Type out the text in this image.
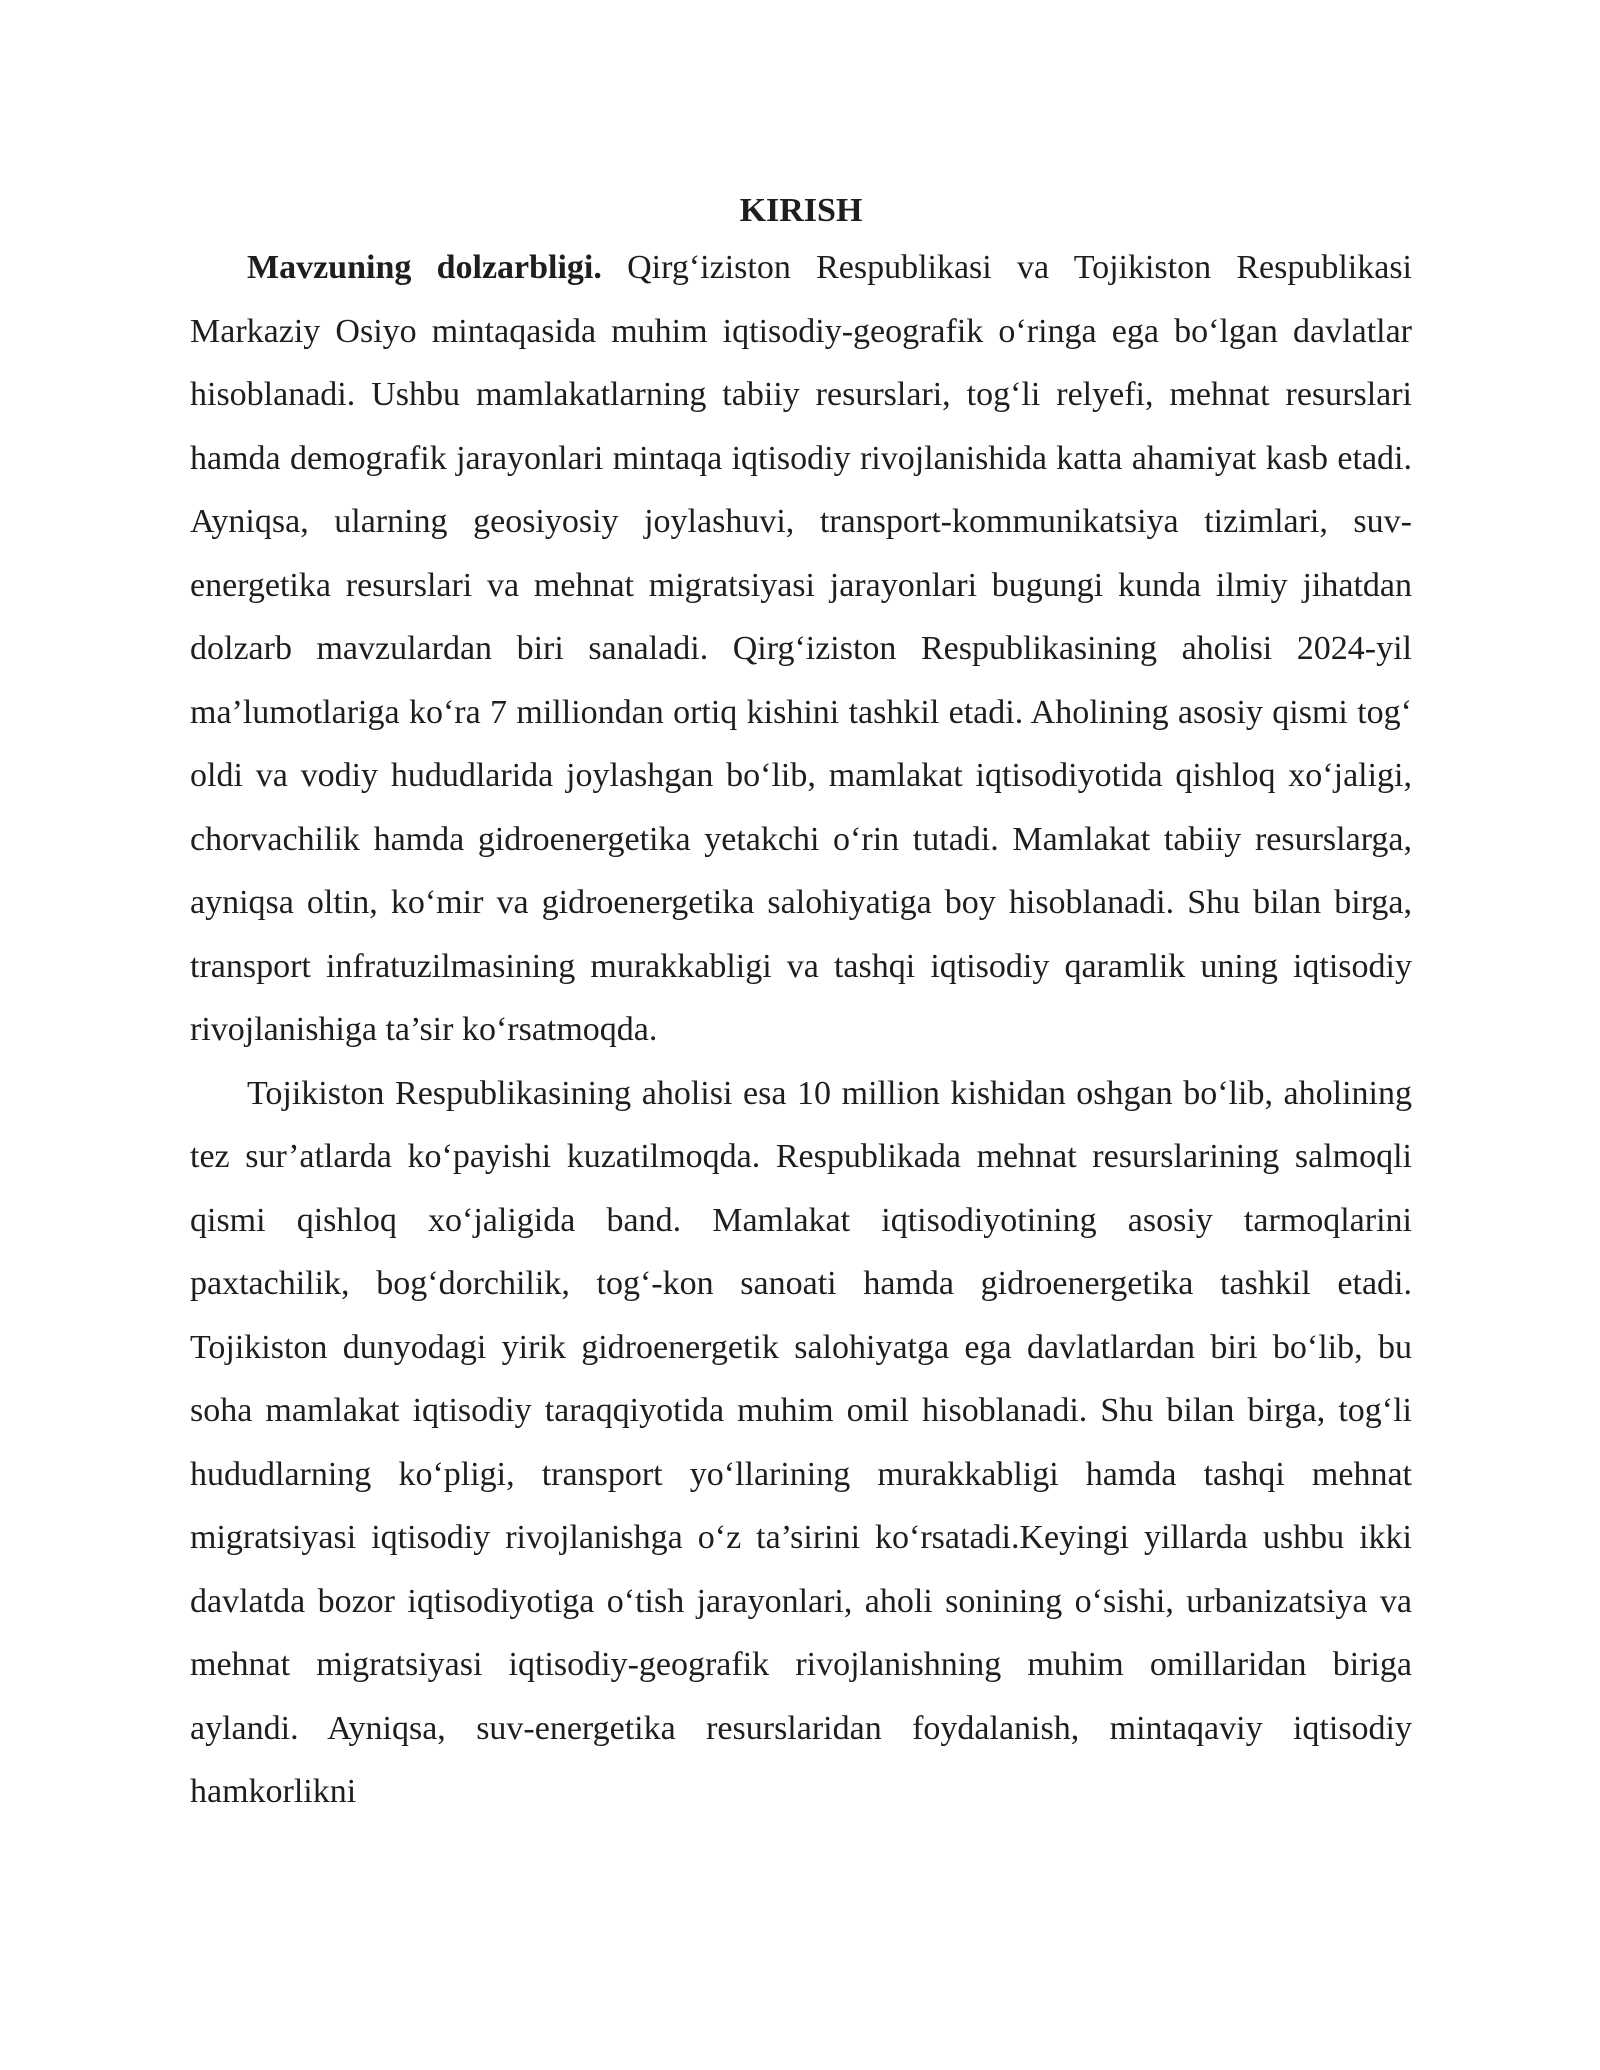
KIRISH

Mavzuning dolzarbligi. Qirg‘iziston Respublikasi va Tojikiston Respublikasi Markaziy Osiyo mintaqasida muhim iqtisodiy-geografik o‘ringa ega bo‘lgan davlatlar hisoblanadi. Ushbu mamlakatlarning tabiiy resurslari, tog‘li relyefi, mehnat resurslari hamda demografik jarayonlari mintaqa iqtisodiy rivojlanishida katta ahamiyat kasb etadi. Ayniqsa, ularning geosiyosiy joylashuvi, transport-kommunikatsiya tizimlari, suv-energetika resurslari va mehnat migratsiyasi jarayonlari bugungi kunda ilmiy jihatdan dolzarb mavzulardan biri sanaladi. Qirg‘iziston Respublikasining aholisi 2024-yil ma’lumotlariga ko‘ra 7 milliondan ortiq kishini tashkil etadi. Aholining asosiy qismi tog‘ oldi va vodiy hududlarida joylashgan bo‘lib, mamlakat iqtisodiyotida qishloq xo‘jaligi, chorvachilik hamda gidroenergetika yetakchi o‘rin tutadi. Mamlakat tabiiy resurslarga, ayniqsa oltin, ko‘mir va gidroenergetika salohiyatiga boy hisoblanadi. Shu bilan birga, transport infratuzilmasining murakkabligi va tashqi iqtisodiy qaramlik uning iqtisodiy rivojlanishiga ta’sir ko‘rsatmoqda.

Tojikiston Respublikasining aholisi esa 10 million kishidan oshgan bo‘lib, aholining tez sur’atlarda ko‘payishi kuzatilmoqda. Respublikada mehnat resurslarining salmoqli qismi qishloq xo‘jaligida band. Mamlakat iqtisodiyotining asosiy tarmoqlarini paxtachilik, bog‘dorchilik, tog‘-kon sanoati hamda gidroenergetika tashkil etadi. Tojikiston dunyodagi yirik gidroenergetik salohiyatga ega davlatlardan biri bo‘lib, bu soha mamlakat iqtisodiy taraqqiyotida muhim omil hisoblanadi. Shu bilan birga, tog‘li hududlarning ko‘pligi, transport yo‘llarining murakkabligi hamda tashqi mehnat migratsiyasi iqtisodiy rivojlanishga o‘z ta’sirini ko‘rsatadi.Keyingi yillarda ushbu ikki davlatda bozor iqtisodiyotiga o‘tish jarayonlari, aholi sonining o‘sishi, urbanizatsiya va mehnat migratsiyasi iqtisodiy-geografik rivojlanishning muhim omillaridan biriga aylandi. Ayniqsa, suv-energetika resurslaridan foydalanish, mintaqaviy iqtisodiy hamkorlikni
